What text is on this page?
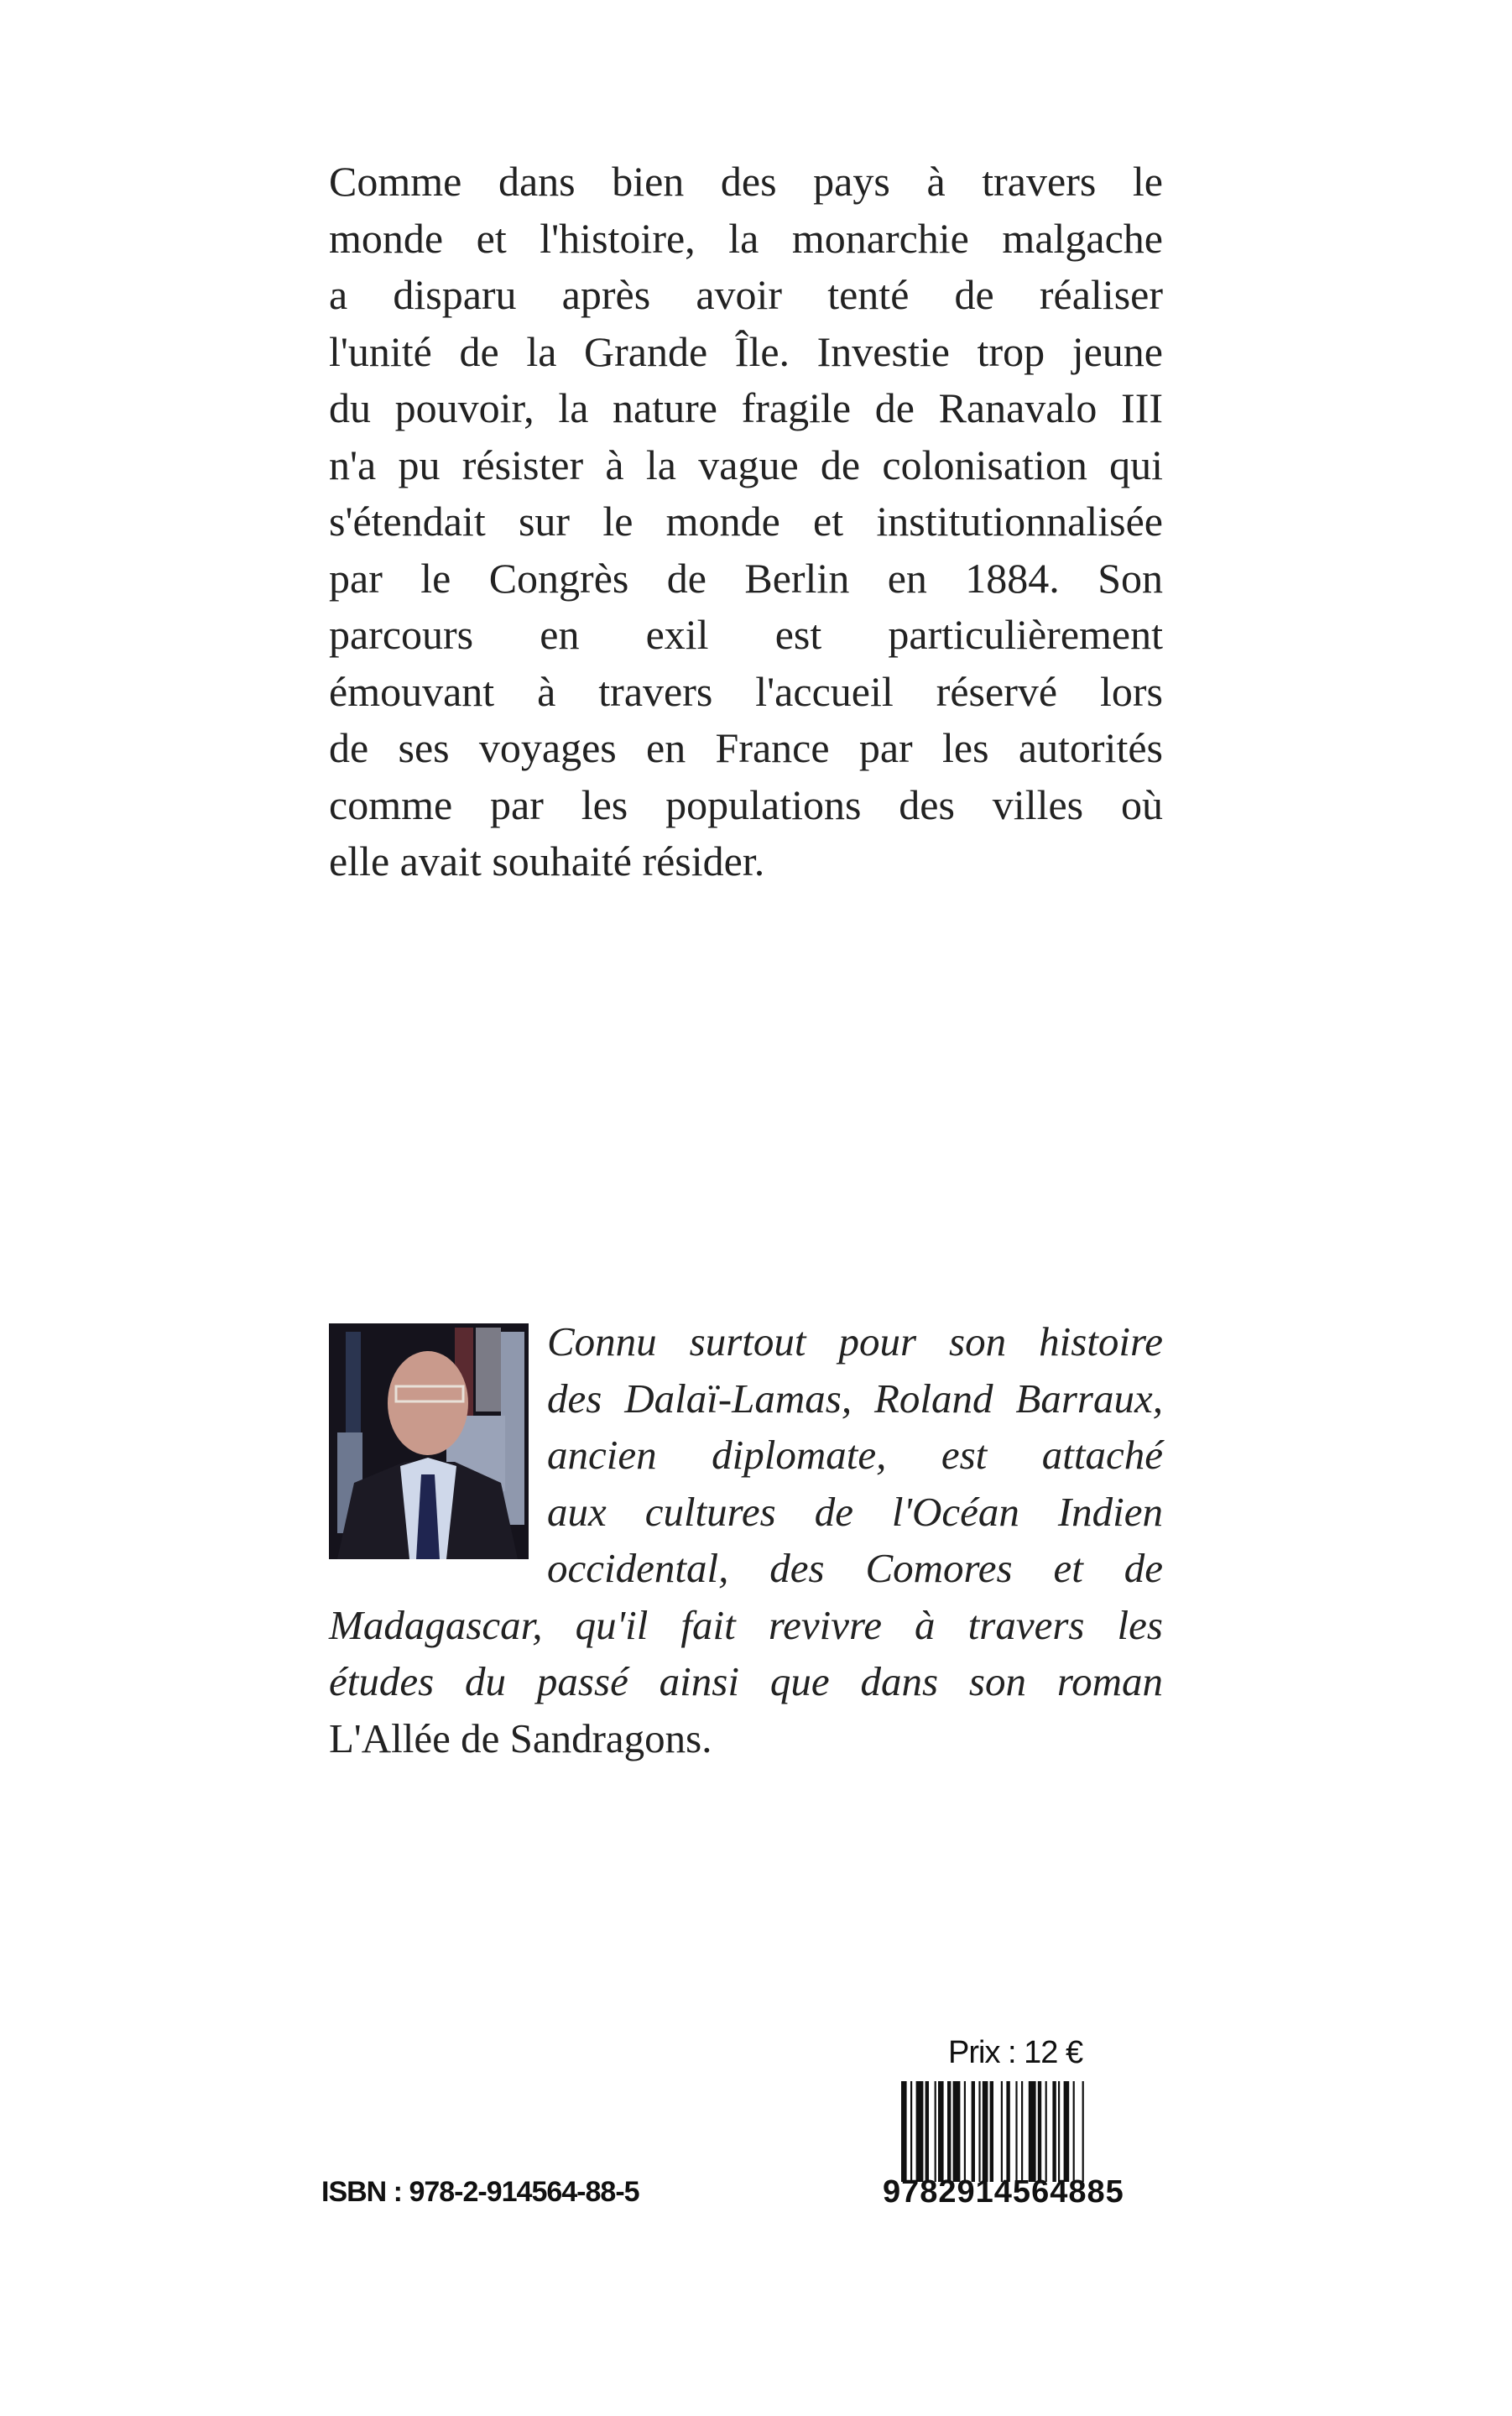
Comme dans bien des pays à travers le
monde et l'histoire, la monarchie malgache
a disparu après avoir tenté de réaliser
l'unité de la Grande Île. Investie trop jeune
du pouvoir, la nature fragile de Ranavalo III
n'a pu résister à la vague de colonisation qui
s'étendait sur le monde et institutionnalisée
par le Congrès de Berlin en 1884. Son
parcours en exil est particulièrement
émouvant à travers l'accueil réservé lors
de ses voyages en France par les autorités
comme par les populations des villes où
elle avait souhaité résider.
Connu surtout pour son histoire
des Dalaï-Lamas, Roland Barraux,
ancien diplomate, est attaché
aux cultures de l'Océan Indien
occidental, des Comores et de
Madagascar, qu'il fait revivre à travers les
études du passé ainsi que dans son roman
L'Allée de Sandragons.
Prix : 12 €
ISBN : 978-2-914564-88-5	9782914564885
